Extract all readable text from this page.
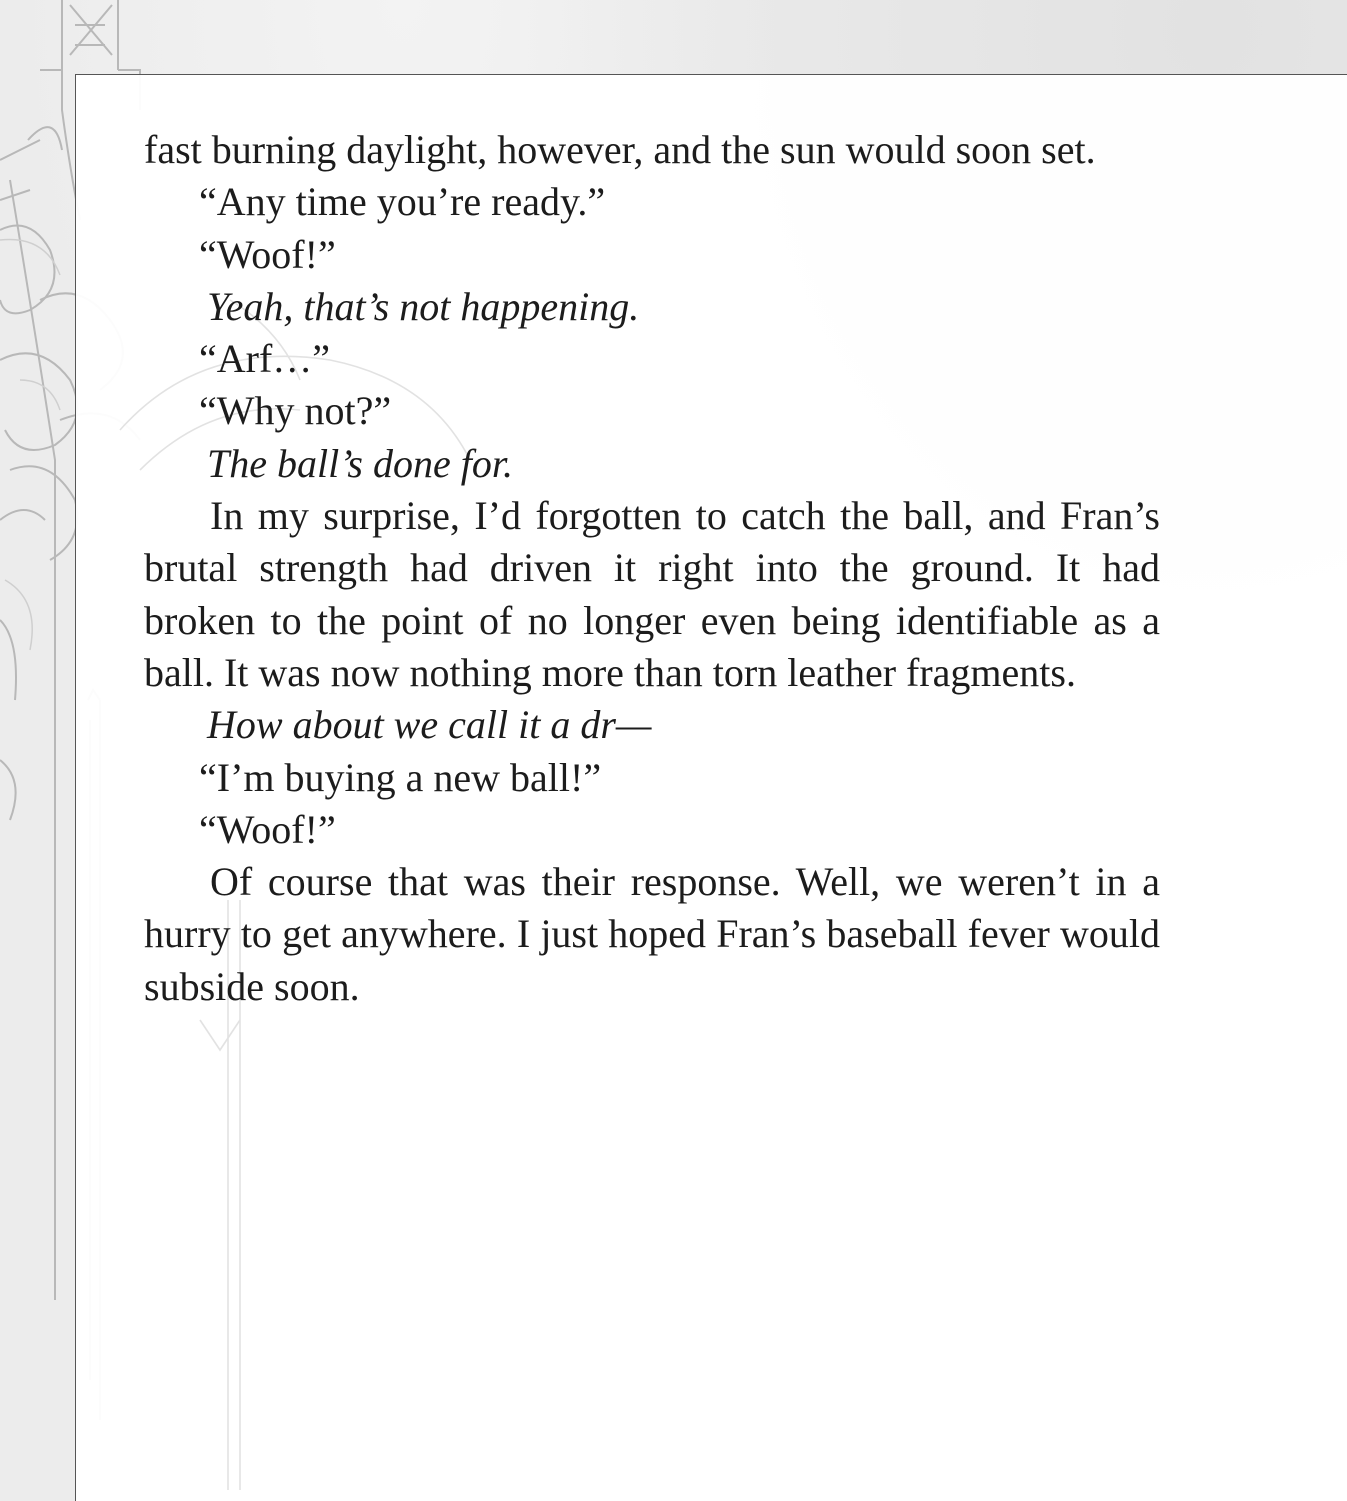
fast burning daylight, however, and the sun would soon set.

“Any time you’re ready.”

“Woof!”

Yeah, that’s not happening.

“Arf…”

“Why not?”

The ball’s done for.

In my surprise, I’d forgotten to catch the ball, and Fran’s brutal strength had driven it right into the ground. It had broken to the point of no longer even being identifiable as a ball. It was now nothing more than torn leather fragments.

How about we call it a dr—

“I’m buying a new ball!”

“Woof!”

Of course that was their response. Well, we weren’t in a hurry to get anywhere. I just hoped Fran’s baseball fever would subside soon.
